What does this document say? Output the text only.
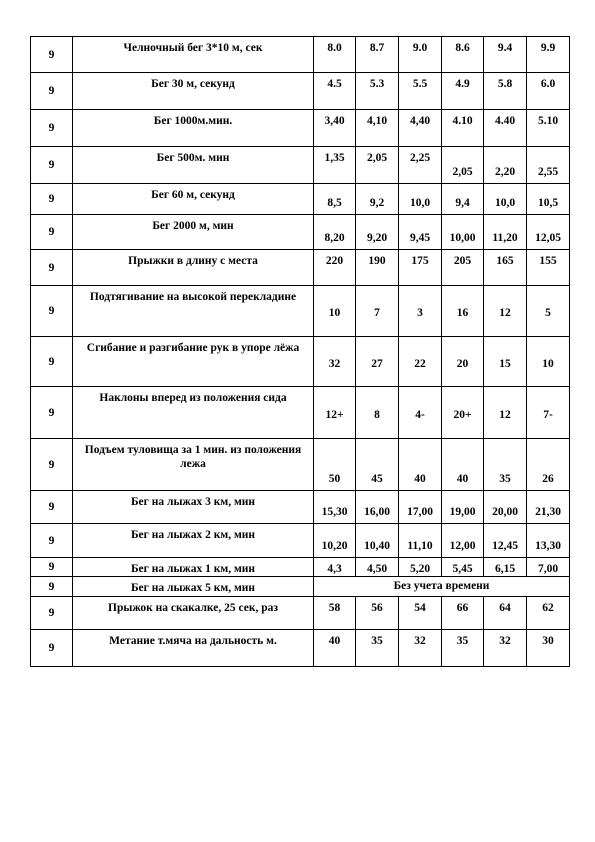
9	Челночный бег 3*10 м, сек	8.0	8.7	9.0	8.6	9.4	9.9
9	Бег 30 м, секунд	4.5	5.3	5.5	4.9	5.8	6.0
9	Бег 1000м.мин.	3,40	4,10	4,40	4.10	4.40	5.10
9	Бег 500м. мин	1,35	2,05	2,25	2,05	2,20	2,55
9	Бег 60 м, секунд	8,5	9,2	10,0	9,4	10,0	10,5
9	Бег 2000 м, мин	8,20	9,20	9,45	10,00	11,20	12,05
9	Прыжки в длину с места	220	190	175	205	165	155
9	Подтягивание на высокой перекладине	10	7	3	16	12	5
9	Сгибание и разгибание рук в упоре лёжа	32	27	22	20	15	10
9	Наклоны вперед из положения сида	12+	8	4-	20+	12	7-
9	Подъем туловища за 1 мин. из положения лежа	50	45	40	40	35	26
9	Бег на лыжах 3 км, мин	15,30	16,00	17,00	19,00	20,00	21,30
9	Бег на лыжах 2 км, мин	10,20	10,40	11,10	12,00	12,45	13,30
9	Бег на лыжах 1 км, мин	4,3	4,50	5,20	5,45	6,15	7,00
9	Бег на лыжах 5 км, мин	Без учета времени					
9	Прыжок на скакалке, 25 сек, раз	58	56	54	66	64	62
9	Метание т.мяча на дальность м.	40	35	32	35	32	30
